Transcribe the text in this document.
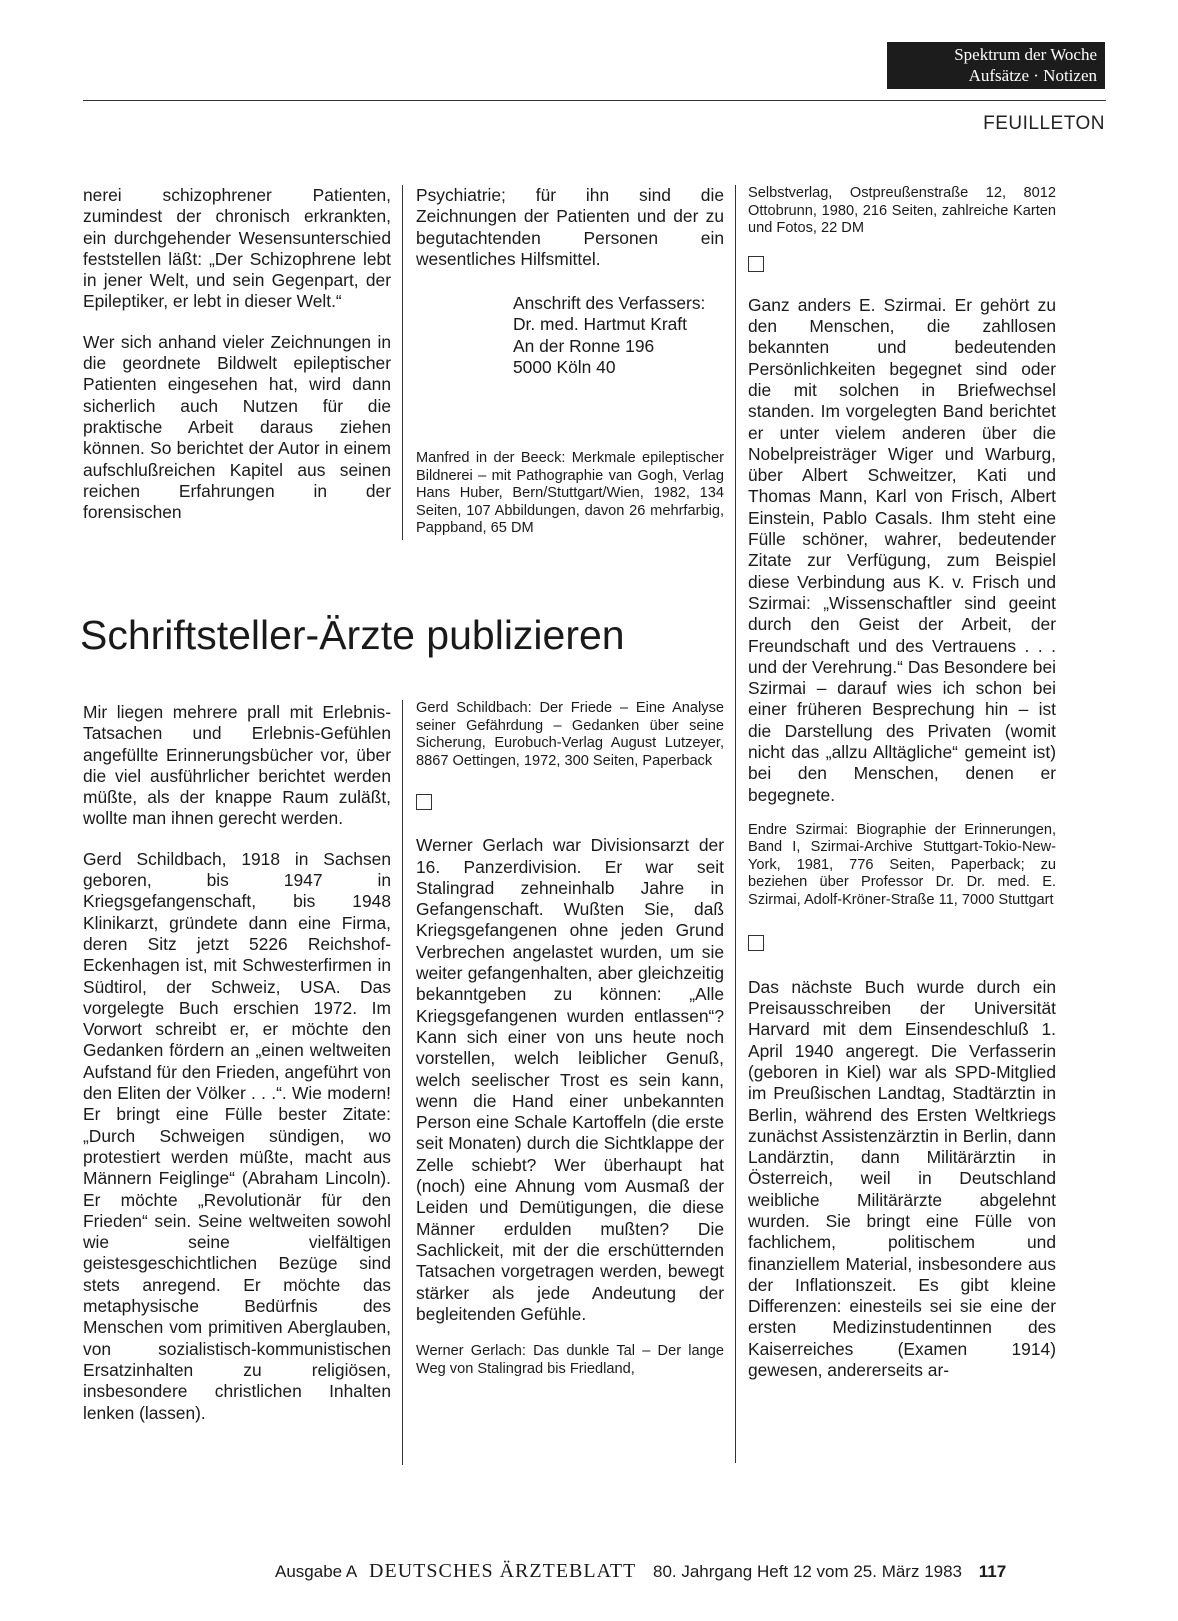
Spektrum der Woche
Aufsätze · Notizen
FEUILLETON

nerei schizophrener Patienten, zumindest der chronisch erkrankten, ein durchgehender Wesensunterschied feststellen läßt: „Der Schizophrene lebt in jener Welt, und sein Gegenpart, der Epileptiker, er lebt in dieser Welt.“

Wer sich anhand vieler Zeichnungen in die geordnete Bildwelt epileptischer Patienten eingesehen hat, wird dann sicherlich auch Nutzen für die praktische Arbeit daraus ziehen können. So berichtet der Autor in einem aufschlußreichen Kapitel aus seinen reichen Erfahrungen in der forensischen

Psychiatrie; für ihn sind die Zeichnungen der Patienten und der zu begutachtenden Personen ein wesentliches Hilfsmittel.

Anschrift des Verfassers:
Dr. med. Hartmut Kraft
An der Ronne 196
5000 Köln 40

Manfred in der Beeck: Merkmale epileptischer Bildnerei – mit Pathographie van Gogh, Verlag Hans Huber, Bern/Stuttgart/Wien, 1982, 134 Seiten, 107 Abbildungen, davon 26 mehrfarbig, Pappband, 65 DM

Schriftsteller-Ärzte publizieren

Mir liegen mehrere prall mit Erlebnis-Tatsachen und Erlebnis-Gefühlen angefüllte Erinnerungsbücher vor, über die viel ausführlicher berichtet werden müßte, als der knappe Raum zuläßt, wollte man ihnen gerecht werden.

Gerd Schildbach, 1918 in Sachsen geboren, bis 1947 in Kriegsgefangenschaft, bis 1948 Klinikarzt, gründete dann eine Firma, deren Sitz jetzt 5226 Reichshof-Eckenhagen ist, mit Schwesterfirmen in Südtirol, der Schweiz, USA. Das vorgelegte Buch erschien 1972. Im Vorwort schreibt er, er möchte den Gedanken fördern an „einen weltweiten Aufstand für den Frieden, angeführt von den Eliten der Völker . . .“. Wie modern! Er bringt eine Fülle bester Zitate: „Durch Schweigen sündigen, wo protestiert werden müßte, macht aus Männern Feiglinge“ (Abraham Lincoln). Er möchte „Revolutionär für den Frieden“ sein. Seine weltweiten sowohl wie seine vielfältigen geistesgeschichtlichen Bezüge sind stets anregend. Er möchte das metaphysische Bedürfnis des Menschen vom primitiven Aberglauben, von sozialistisch-kommunistischen Ersatzinhalten zu religiösen, insbesondere christlichen Inhalten lenken (lassen).

Gerd Schildbach: Der Friede – Eine Analyse seiner Gefährdung – Gedanken über seine Sicherung, Eurobuch-Verlag August Lutzeyer, 8867 Oettingen, 1972, 300 Seiten, Paperback

Werner Gerlach war Divisionsarzt der 16. Panzerdivision. Er war seit Stalingrad zehneinhalb Jahre in Gefangenschaft. Wußten Sie, daß Kriegsgefangenen ohne jeden Grund Verbrechen angelastet wurden, um sie weiter gefangenhalten, aber gleichzeitig bekanntgeben zu können: „Alle Kriegsgefangenen wurden entlassen“? Kann sich einer von uns heute noch vorstellen, welch leiblicher Genuß, welch seelischer Trost es sein kann, wenn die Hand einer unbekannten Person eine Schale Kartoffeln (die erste seit Monaten) durch die Sichtklappe der Zelle schiebt? Wer überhaupt hat (noch) eine Ahnung vom Ausmaß der Leiden und Demütigungen, die diese Männer erdulden mußten? Die Sachlickeit, mit der die erschütternden Tatsachen vorgetragen werden, bewegt stärker als jede Andeutung der begleitenden Gefühle.

Werner Gerlach: Das dunkle Tal – Der lange Weg von Stalingrad bis Friedland,

Selbstverlag, Ostpreußenstraße 12, 8012 Ottobrunn, 1980, 216 Seiten, zahlreiche Karten und Fotos, 22 DM

Ganz anders E. Szirmai. Er gehört zu den Menschen, die zahllosen bekannten und bedeutenden Persönlichkeiten begegnet sind oder die mit solchen in Briefwechsel standen. Im vorgelegten Band berichtet er unter vielem anderen über die Nobelpreisträger Wiger und Warburg, über Albert Schweitzer, Kati und Thomas Mann, Karl von Frisch, Albert Einstein, Pablo Casals. Ihm steht eine Fülle schöner, wahrer, bedeutender Zitate zur Verfügung, zum Beispiel diese Verbindung aus K. v. Frisch und Szirmai: „Wissenschaftler sind geeint durch den Geist der Arbeit, der Freundschaft und des Vertrauens . . . und der Verehrung.“ Das Besondere bei Szirmai – darauf wies ich schon bei einer früheren Besprechung hin – ist die Darstellung des Privaten (womit nicht das „allzu Alltägliche“ gemeint ist) bei den Menschen, denen er begegnete.

Endre Szirmai: Biographie der Erinnerungen, Band I, Szirmai-Archive Stuttgart-Tokio-New-York, 1981, 776 Seiten, Paperback; zu beziehen über Professor Dr. Dr. med. E. Szirmai, Adolf-Kröner-Straße 11, 7000 Stuttgart

Das nächste Buch wurde durch ein Preisausschreiben der Universität Harvard mit dem Einsendeschluß 1. April 1940 angeregt. Die Verfasserin (geboren in Kiel) war als SPD-Mitglied im Preußischen Landtag, Stadtärztin in Berlin, während des Ersten Weltkriegs zunächst Assistenzärztin in Berlin, dann Landärztin, dann Militärärztin in Österreich, weil in Deutschland weibliche Militärärzte abgelehnt wurden. Sie bringt eine Fülle von fachlichem, politischem und finanziellem Material, insbesondere aus der Inflationszeit. Es gibt kleine Differenzen: einesteils sei sie eine der ersten Medizinstudentinnen des Kaiserreiches (Examen 1914) gewesen, andererseits ar-

Ausgabe A DEUTSCHES ÄRZTEBLATT 80. Jahrgang Heft 12 vom 25. März 1983 117
